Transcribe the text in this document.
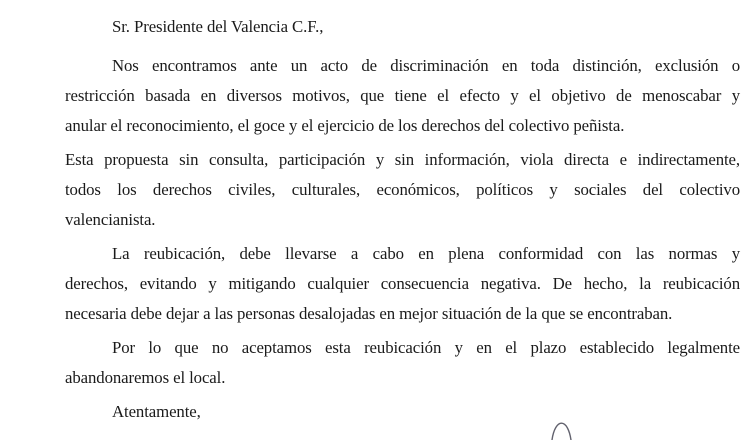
Sr. Presidente del Valencia C.F.,
Nos encontramos ante un acto de discriminación en toda distinción, exclusión o
restricción basada en diversos motivos, que tiene el efecto y el objetivo de menoscabar y
anular el reconocimiento, el goce y el ejercicio de los derechos del colectivo peñista.
Esta propuesta sin consulta, participación y sin información, viola directa e indirectamente,
todos los derechos civiles, culturales, económicos, políticos y sociales del colectivo
valencianista.
La reubicación, debe llevarse a cabo en plena conformidad con las normas y
derechos, evitando y mitigando cualquier consecuencia negativa. De hecho, la reubicación
necesaria debe dejar a las personas desalojadas en mejor situación de la que se encontraban.
Por lo que no aceptamos esta reubicación y en el plazo establecido legalmente
abandonaremos el local.
Atentamente,
